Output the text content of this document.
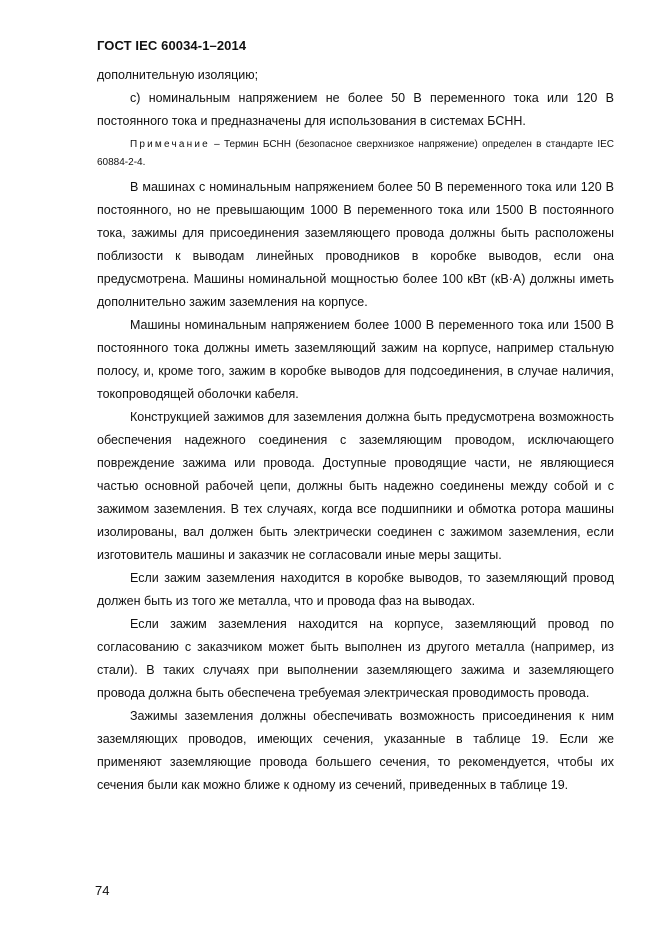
ГОСТ IEC 60034-1–2014

дополнительную изоляцию;

c) номинальным напряжением не более 50 В переменного тока или 120 В постоянного тока и предназначены для использования в системах БСНН.

Примечание – Термин БСНН (безопасное сверхнизкое напряжение) определен в стандарте IEC 60884-2-4.

В машинах с номинальным напряжением более 50 В переменного тока или 120 В постоянного, но не превышающим 1000 В переменного тока или 1500 В постоянного тока, зажимы для присоединения заземляющего провода должны быть расположены поблизости к выводам линейных проводников в коробке выводов, если она предусмотрена. Машины номинальной мощностью более 100 кВт (кВ·А) должны иметь дополнительно зажим заземления на корпусе.

Машины номинальным напряжением более 1000 В переменного тока или 1500 В постоянного тока должны иметь заземляющий зажим на корпусе, например стальную полосу, и, кроме того, зажим в коробке выводов для подсоединения, в случае наличия, токопроводящей оболочки кабеля.

Конструкцией зажимов для заземления должна быть предусмотрена возможность обеспечения надежного соединения с заземляющим проводом, исключающего повреждение зажима или провода. Доступные проводящие части, не являющиеся частью основной рабочей цепи, должны быть надежно соединены между собой и с зажимом заземления. В тех случаях, когда все подшипники и обмотка ротора машины изолированы, вал должен быть электрически соединен с зажимом заземления, если изготовитель машины и заказчик не согласовали иные меры защиты.

Если зажим заземления находится в коробке выводов, то заземляющий провод должен быть из того же металла, что и провода фаз на выводах.

Если зажим заземления находится на корпусе, заземляющий провод по согласованию с заказчиком может быть выполнен из другого металла (например, из стали). В таких случаях при выполнении заземляющего зажима и заземляющего провода должна быть обеспечена требуемая электрическая проводимость провода.

Зажимы заземления должны обеспечивать возможность присоединения к ним заземляющих проводов, имеющих сечения, указанные в таблице 19. Если же применяют заземляющие провода большего сечения, то рекомендуется, чтобы их сечения были как можно ближе к одному из сечений, приведенных в таблице 19.

74
